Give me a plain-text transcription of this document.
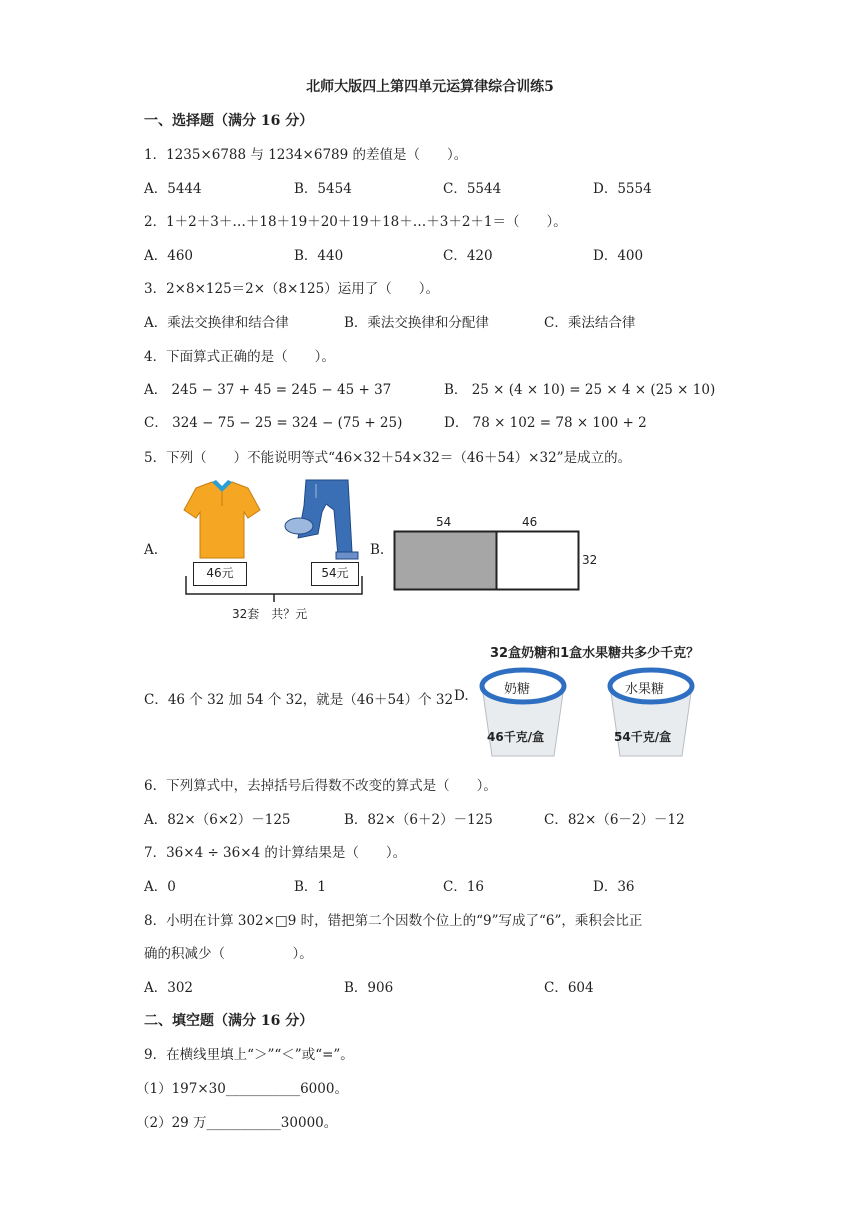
北师大版四上第四单元运算律综合训练5
一、选择题（满分 16 分）
1．1235×6788 与 1234×6789 的差值是（　　）。
A．5444	B．5454	C．5544	D．5554
2．1＋2＋3＋…＋18＋19＋20＋19＋18＋…＋3＋2＋1＝（　　）。
A．460	B．440	C．420	D．400
3．2×8×125＝2×（8×125）运用了（　　）。
A．乘法交换律和结合律	B．乘法交换律和分配律	C．乘法结合律
4．下面算式正确的是（　　）。
A． 245 − 37 + 45 = 245 − 45 + 37	B． 25 × (4 × 10) = 25 × 4 × (25 × 10)
C． 324 − 75 − 25 = 324 − (75 + 25)	D． 78 × 102 = 78 × 100 + 2
5．下列（　　）不能说明等式“46×32＋54×32＝（46＋54）×32”是成立的。
A.
46元	54元
32套　共？元
B.
54	46
32
C．46 个 32 加 54 个 32，就是（46＋54）个 32 D.
32盒奶糖和1盒水果糖共多少千克？
奶糖
46千克/盒
水果糖
54千克/盒
6．下列算式中，去掉括号后得数不改变的算式是（　　）。
A．82×（6×2）－125	B．82×（6＋2）－125	C．82×（6－2）－12
7．36×4 ÷ 36×4 的计算结果是（　　）。
A．0	B．1	C．16	D．36
8．小明在计算 302×□9 时，错把第二个因数个位上的“9”写成了“6”，乘积会比正
确的积减少（　　　　　）。
A．302	B．906	C．604
二、填空题（满分 16 分）
9．在横线里填上“＞”“＜”或“=”。
（1）197×30___________6000。
（2）29 万___________30000。
